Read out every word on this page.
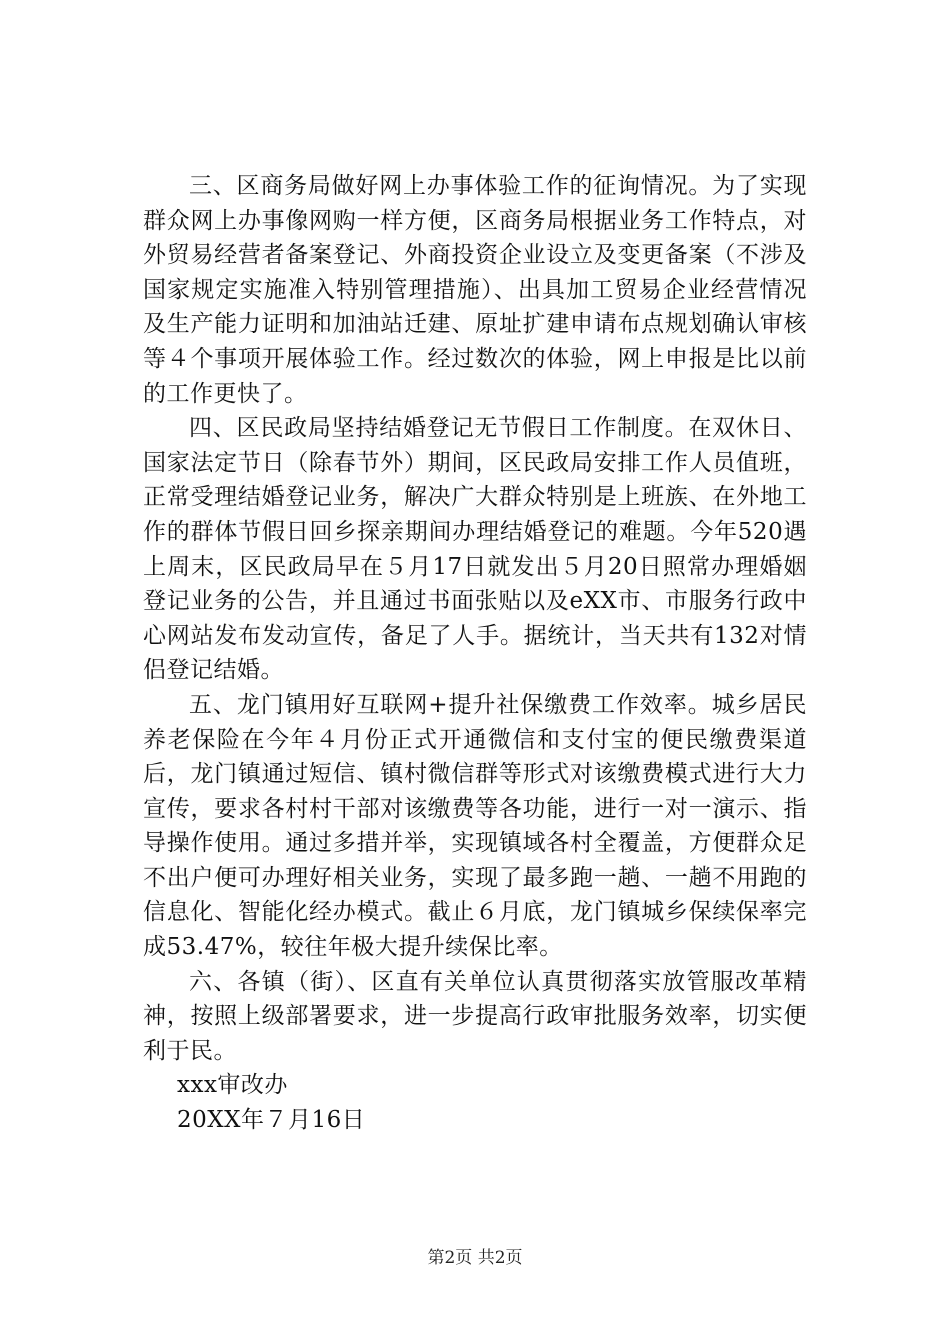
三、区商务局做好网上办事体验工作的征询情况。为了实现群众网上办事像网购一样方便，区商务局根据业务工作特点，对外贸易经营者备案登记、外商投资企业设立及变更备案（不涉及国家规定实施准入特别管理措施）、出具加工贸易企业经营情况及生产能力证明和加油站迁建、原址扩建申请布点规划确认审核等４个事项开展体验工作。经过数次的体验，网上申报是比以前的工作更快了。

四、区民政局坚持结婚登记无节假日工作制度。在双休日、国家法定节日（除春节外）期间，区民政局安排工作人员值班，正常受理结婚登记业务，解决广大群众特别是上班族、在外地工作的群体节假日回乡探亲期间办理结婚登记的难题。今年520遇上周末，区民政局早在５月17日就发出５月20日照常办理婚姻登记业务的公告，并且通过书面张贴以及eXX市、市服务行政中心网站发布发动宣传，备足了人手。据统计，当天共有132对情侣登记结婚。

五、龙门镇用好互联网+提升社保缴费工作效率。城乡居民养老保险在今年４月份正式开通微信和支付宝的便民缴费渠道后，龙门镇通过短信、镇村微信群等形式对该缴费模式进行大力宣传，要求各村村干部对该缴费等各功能，进行一对一演示、指导操作使用。通过多措并举，实现镇域各村全覆盖，方便群众足不出户便可办理好相关业务，实现了最多跑一趟、一趟不用跑的信息化、智能化经办模式。截止６月底，龙门镇城乡保续保率完成53.47%，较往年极大提升续保比率。

六、各镇（街）、区直有关单位认真贯彻落实放管服改革精神，按照上级部署要求，进一步提高行政审批服务效率，切实便利于民。

xxx审改办

20XX年７月16日

第2页 共2页
